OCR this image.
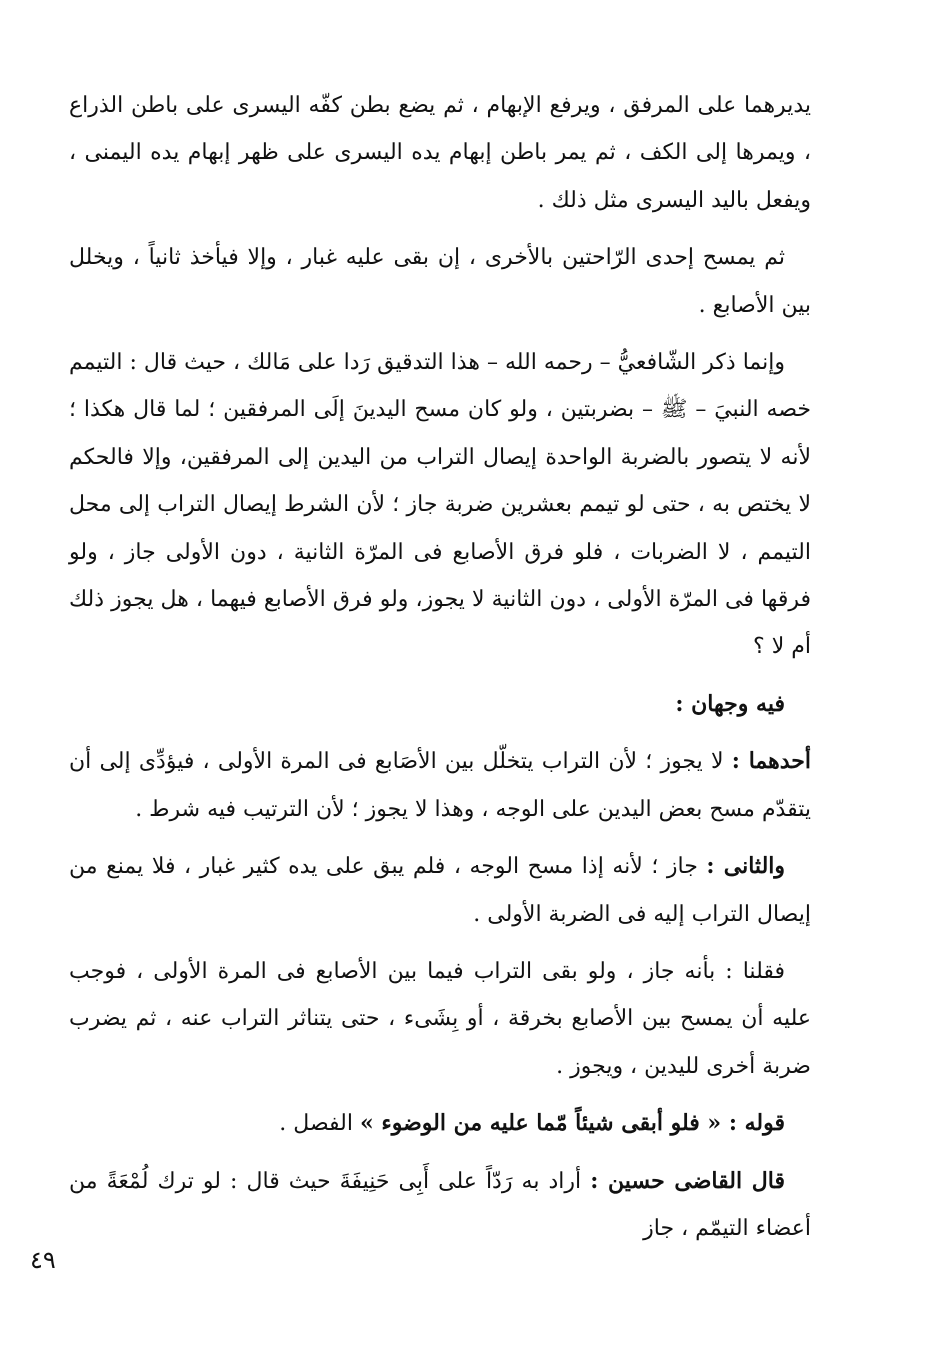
يديرهما على المرفق ، ويرفع الإبهام ، ثم يضع بطن كفّه اليسرى على باطن الذراع ، ويمرها إلى الكف ، ثم يمر باطن إبهام يده اليسرى على ظهر إبهام يده اليمنى ، ويفعل باليد اليسرى مثل ذلك .

ثم يمسح إحدى الرّاحتين بالأخرى ، إن بقى عليه غبار ، وإلا فيأخذ ثانياً ، ويخلل بين الأصابع .

وإنما ذكر الشّافعيُّ – رحمه الله – هذا التدقيق رَدا على مَالك ، حيث قال : التيمم خصه النبيَ – ﷺ – بضربتين ، ولو كان مسح اليدينَ إلَى المرفقين ؛ لما قال هكذا ؛ لأنه لا يتصور بالضربة الواحدة إيصال التراب من اليدين إلى المرفقين، وإلا فالحكم لا يختص به ، حتى لو تيمم بعشرين ضربة جاز ؛ لأن الشرط إيصال التراب إلى محل التيمم ، لا الضربات ، فلو فرق الأصابع فى المرّة الثانية ، دون الأولى جاز ، ولو فرقها فى المرّة الأولى ، دون الثانية لا يجوز، ولو فرق الأصابع فيهما ، هل يجوز ذلك أم لا ؟

فيه وجهان :

أحدهما : لا يجوز ؛ لأن التراب يتخلّل بين الأصَابع فى المرة الأولى ، فيؤدِّى إلى أن يتقدّم مسح بعض اليدين على الوجه ، وهذا لا يجوز ؛ لأن الترتيب فيه شرط .

والثانى : جاز ؛ لأنه إذا مسح الوجه ، فلم يبق على يده كثير غبار ، فلا يمنع من إيصال التراب إليه فى الضربة الأولى .

فقلنا : بأنه جاز ، ولو بقى التراب فيما بين الأصابع فى المرة الأولى ، فوجب عليه أن يمسح بين الأصابع بخرقة ، أو بِشَىء ، حتى يتناثر التراب عنه ، ثم يضرب ضربة أخرى لليدين ، ويجوز .

قوله : « فلو أبقى شيئاً مّما عليه من الوضوء » الفصل .

قال القاضى حسين : أراد به رَدّاً على أَبِى حَنِيفَةَ حيث قال : لو ترك لُمْعَةً من أعضاء التيمّم ، جاز

٤٩
